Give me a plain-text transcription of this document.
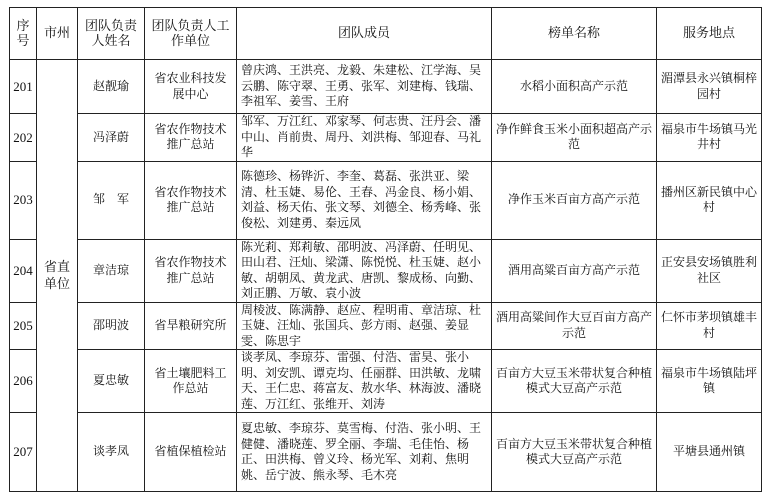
序号	市州	团队负责人姓名	团队负责人工作单位	团队成员	榜单名称	服务地点
201	省直单位	赵靓瑜	省农业科技发展中心	曾庆鸿、王洪亮、龙毅、朱建松、江学海、吴云鹏、陈守翠、王勇、张军、刘建梅、钱瑞、李祖军、姜雪、王府	水稻小面积高产示范	湄潭县永兴镇桐梓园村
202		冯泽蔚	省农作物技术推广总站	邹军、万江红、邓家琴、何志贵、汪丹会、潘中山、肖前贵、周丹、刘洪梅、邹迎春、马礼华	净作鲜食玉米小面积超高产示范	福泉市牛场镇马光井村
203		邹　军	省农作物技术推广总站	陈德珍、杨铧沂、李奎、葛磊、张洪亚、梁清、杜玉婕、易伦、王春、冯金良、杨小娟、刘益、杨天佑、张文琴、刘德全、杨秀峰、张俊松、刘建勇、秦远凤	净作玉米百亩方高产示范	播州区新民镇中心村
204		章洁琼	省农作物技术推广总站	陈光莉、郑莉敏、邵明波、冯泽蔚、任明见、田山君、汪灿、梁潇、陈悦悦、杜玉婕、赵小敏、胡朝凤、黄龙武、唐凯、黎成杨、向勤、刘正鹏、万敏、袁小波	酒用高粱百亩方高产示范	正安县安场镇胜利社区
205		邵明波	省旱粮研究所	周棱波、陈满静、赵应、程明甫、章洁琼、杜玉婕、汪灿、张国兵、彭方雨、赵强、姜显雯、陈思宇	酒用高粱间作大豆百亩方高产示范	仁怀市茅坝镇雄丰村
206		夏忠敏	省土壤肥料工作总站	谈孝凤、李琼芬、雷强、付浩、雷昊、张小明、刘安凯、谭克均、任丽群、田洪敏、龙啸天、王仁忠、蒋富友、敖水华、林海波、潘晓莲、万江红、张维开、刘涛	百亩方大豆玉米带状复合种植模式大豆高产示范	福泉市牛场镇陆坪镇
207		谈孝凤	省植保植检站	夏忠敏、李琼芬、莫雪梅、付浩、张小明、王健健、潘晓莲、罗全丽、李瑞、毛佳怡、杨正、田洪梅、曾义玲、杨光军、刘莉、焦明姚、岳宁波、熊永琴、毛木亮	百亩方大豆玉米带状复合种植模式大豆高产示范	平塘县通州镇
